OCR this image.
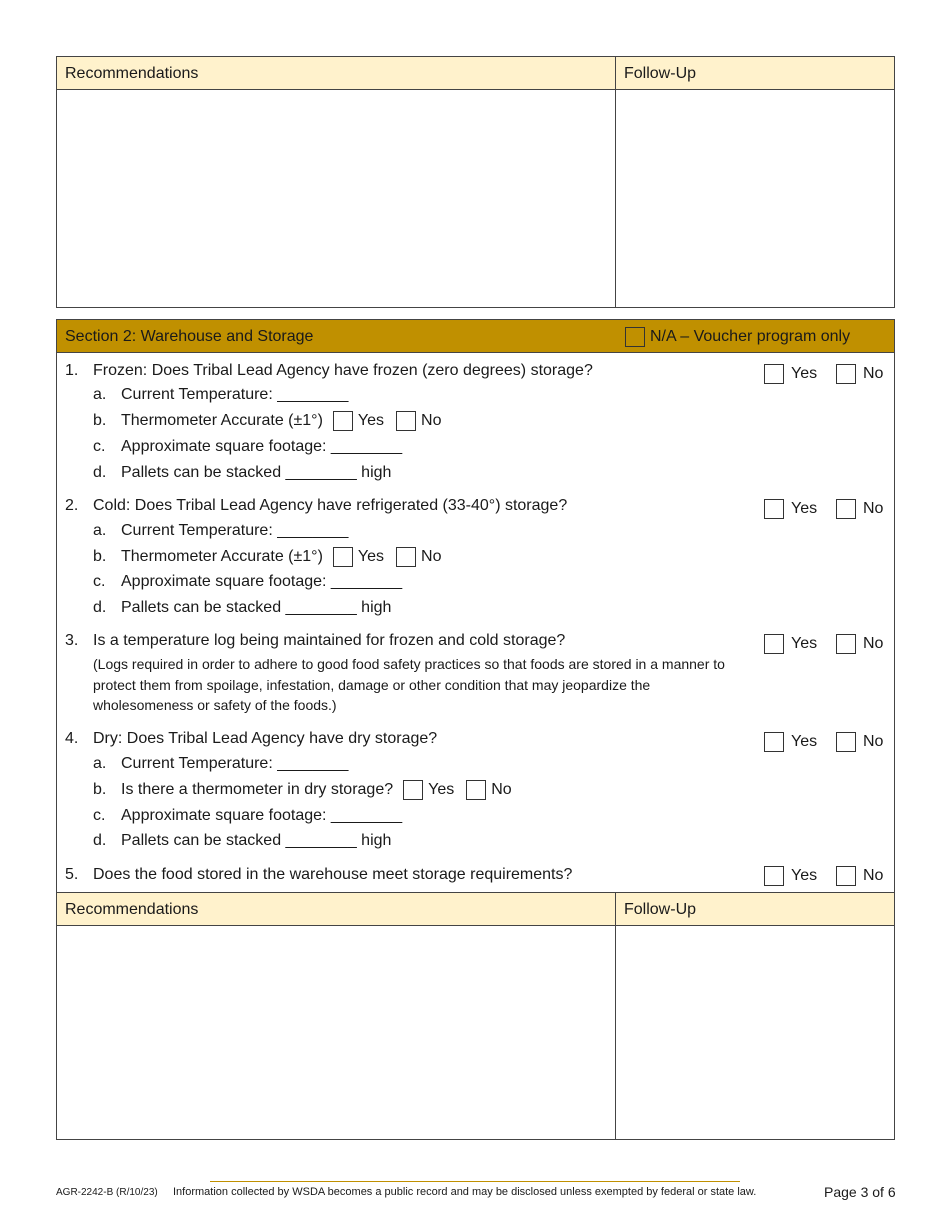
Recommendations	Follow-Up
Section 2: Warehouse and Storage	N/A – Voucher program only
1. Frozen: Does Tribal Lead Agency have frozen (zero degrees) storage?	Yes	No
a. Current Temperature: ________
b. Thermometer Accurate (±1°) Yes No
c. Approximate square footage: ________
d. Pallets can be stacked ________ high
2. Cold: Does Tribal Lead Agency have refrigerated (33-40°) storage?	Yes	No
a. Current Temperature: ________
b. Thermometer Accurate (±1°) Yes No
c. Approximate square footage: ________
d. Pallets can be stacked ________ high
3. Is a temperature log being maintained for frozen and cold storage?	Yes	No
(Logs required in order to adhere to good food safety practices so that foods are stored in a manner to protect them from spoilage, infestation, damage or other condition that may jeopardize the wholesomeness or safety of the foods.)
4. Dry: Does Tribal Lead Agency have dry storage?	Yes	No
a. Current Temperature: ________
b. Is there a thermometer in dry storage? Yes No
c. Approximate square footage: ________
d. Pallets can be stacked ________ high
5. Does the food stored in the warehouse meet storage requirements?	Yes	No
Recommendations	Follow-Up
AGR-2242-B (R/10/23) Information collected by WSDA becomes a public record and may be disclosed unless exempted by federal or state law.	Page 3 of 6
